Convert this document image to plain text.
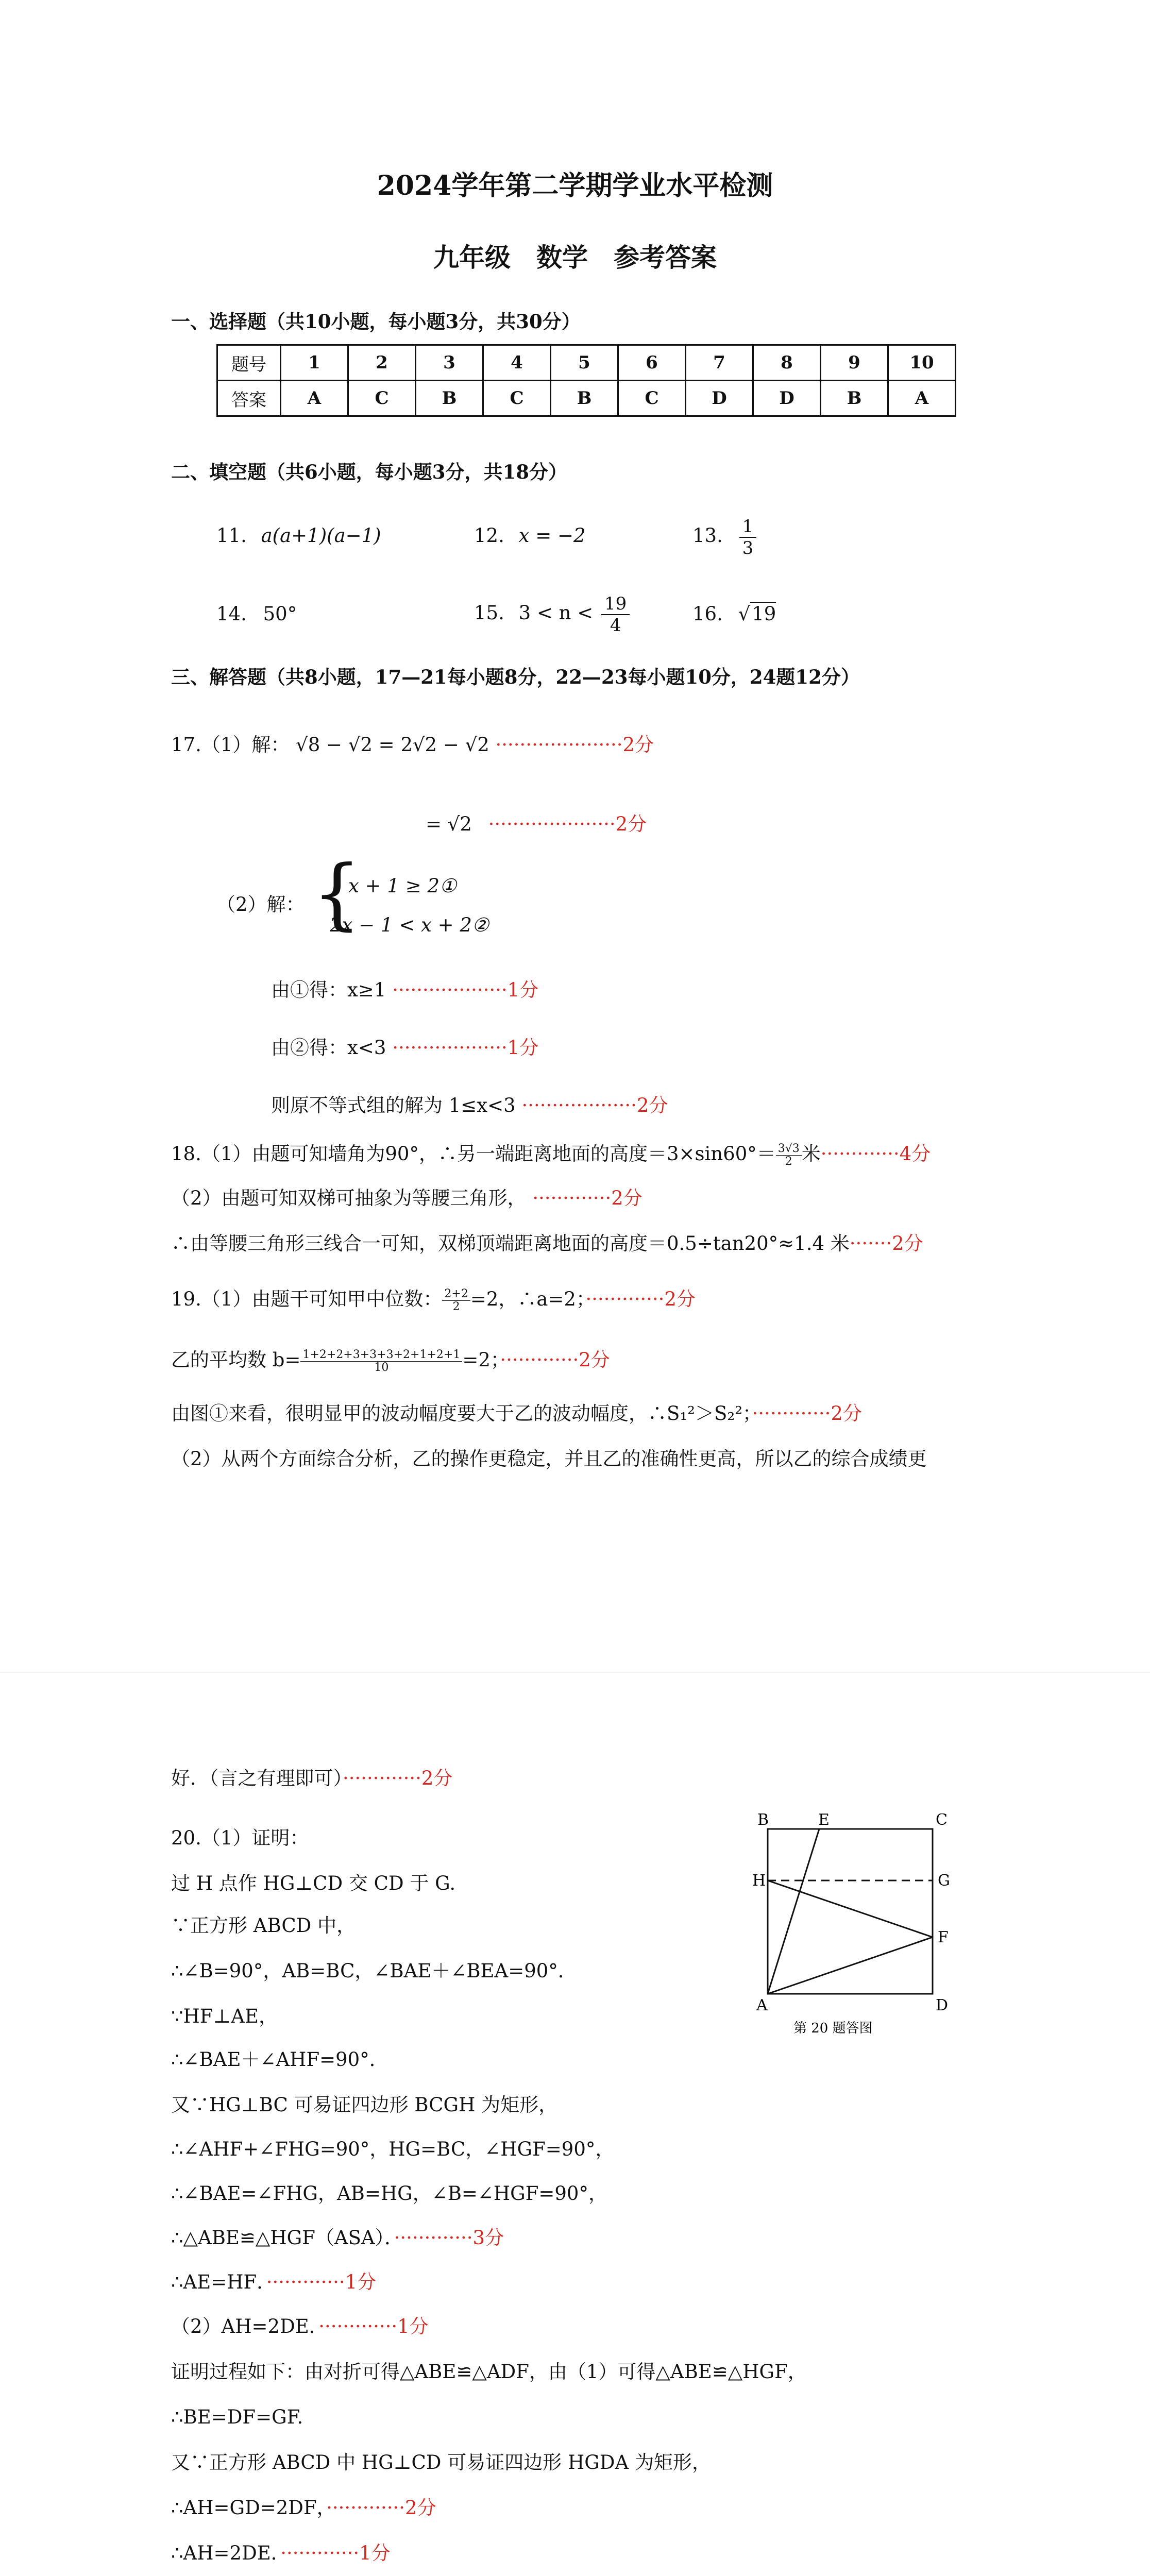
2024学年第二学期学业水平检测
九年级　数学　参考答案
一、选择题（共10小题，每小题3分，共30分）
题号	1	2	3	4	5	6	7	8	9	10
答案	A	C	B	C	B	C	D	D	B	A
二、填空题（共6小题，每小题3分，共18分）
11. a(a+1)(a−1)	12. x = −2	13. $\frac{1}{3}$
14. 50°	15. $3 < n < \frac{19}{4}$	16. √19
三、解答题（共8小题，17—21每小题8分，22—23每小题10分，24题12分）
17.（1）解： √8 − √2 = 2√2 − √2 ·····················2分
= √2 ·····················2分
（2）解： {
x + 1 ≥ 2①
2x − 1 < x + 2②
由①得：x≥1 ···················1分
由②得：x<3 ···················1分
则原不等式组的解为 1≤x<3 ···················2分
18.（1）由题可知墙角为90°，∴另一端距离地面的高度$=3\times\sin 60^\circ= \frac{3√3}{2}$ 米·············4分
（2）由题可知双梯可抽象为等腰三角形， ·············2分
∴由等腰三角形三线合一可知，双梯顶端距离地面的高度＝0.5÷tan20°≈1.4 米·······2分
19.（1）由题干可知甲中位数： $\frac{2+2}{2} =2$，∴a=2；·············2分
乙的平均数 $b= \frac{1+2+2+3+3+3+2+1+2+1}{10} =2$；·············2分
由图①来看，很明显甲的波动幅度要大于乙的波动幅度，∴S₁²＞S₂²；·············2分
（2）从两个方面综合分析，乙的操作更稳定，并且乙的准确性更高，所以乙的综合成绩更
好．（言之有理即可）·············2分
20.（1）证明：
过 H 点作 HG⊥CD 交 CD 于 G.
∵正方形 ABCD 中，
∴∠B=90°，AB=BC，∠BAE＋∠BEA=90°．
∵HF⊥AE，
∴∠BAE＋∠AHF=90°．
又∵HG⊥BC 可易证四边形 BCGH 为矩形，
∴∠AHF+∠FHG=90°，HG=BC，∠HGF=90°，
∴∠BAE=∠FHG，AB=HG，∠B=∠HGF=90°，
∴△ABE≌△HGF（ASA）．·············3分
∴AE=HF．·············1分
（2）AH=2DE．·············1分
证明过程如下：由对折可得△ABE≌△ADF，由（1）可得△ABE≌△HGF，
∴BE=DF=GF.
又∵正方形 ABCD 中 HG⊥CD 可易证四边形 HGDA 为矩形，
∴AH=GD=2DF，·············2分
∴AH=2DE．·············1分
B	E	C
H	G
F
A	D
第 20 题答图
